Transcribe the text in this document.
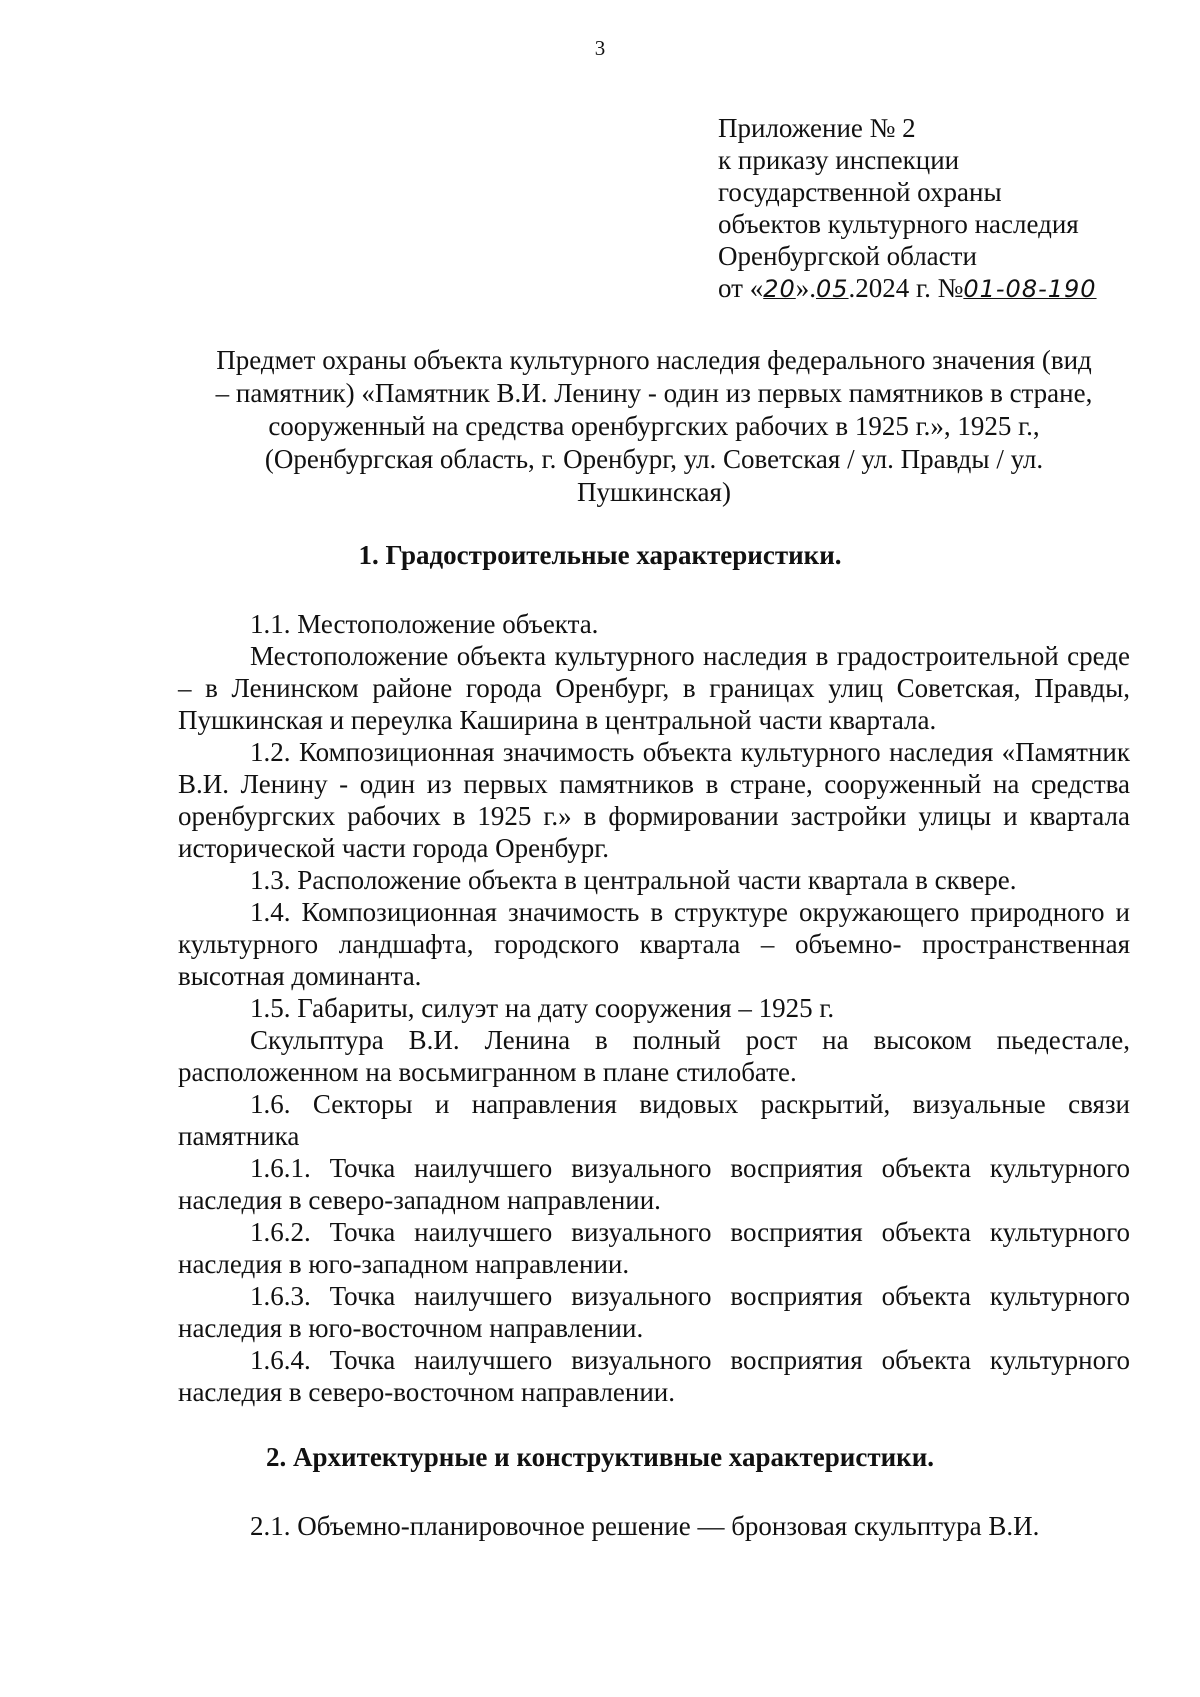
3
Приложение № 2
к приказу инспекции
государственной охраны
объектов культурного наследия
Оренбургской области
от «20».05.2024 г. №01-08-190
Предмет охраны объекта культурного наследия федерального значения (вид
– памятник) «Памятник В.И. Ленину - один из первых памятников в стране,
сооруженный на средства оренбургских рабочих в 1925 г.», 1925 г.,
(Оренбургская область, г. Оренбург, ул. Советская / ул. Правды / ул.
Пушкинская)
1. Градостроительные характеристики.

1.1. Местоположение объекта.

Местоположение объекта культурного наследия в градостроительной среде – в Ленинском районе города Оренбург, в границах улиц Советская, Правды, Пушкинская и переулка Каширина в центральной части квартала.

1.2. Композиционная значимость объекта культурного наследия «Памятник В.И. Ленину - один из первых памятников в стране, сооруженный на средства оренбургских рабочих в 1925 г.» в формировании застройки улицы и квартала исторической части города Оренбург.

1.3. Расположение объекта в центральной части квартала в сквере.

1.4. Композиционная значимость в структуре окружающего природного и культурного ландшафта, городского квартала – объемно- пространственная высотная доминанта.

1.5. Габариты, силуэт на дату сооружения – 1925 г.

Скульптура В.И. Ленина в полный рост на высоком пьедестале, расположенном на восьмигранном в плане стилобате.

1.6. Секторы и направления видовых раскрытий, визуальные связи памятника

1.6.1. Точка наилучшего визуального восприятия объекта культурного наследия в северо-западном направлении.

1.6.2. Точка наилучшего визуального восприятия объекта культурного наследия в юго-западном направлении.

1.6.3. Точка наилучшего визуального восприятия объекта культурного наследия в юго-восточном направлении.

1.6.4. Точка наилучшего визуального восприятия объекта культурного наследия в северо-восточном направлении.

2. Архитектурные и конструктивные характеристики.

2.1. Объемно-планировочное решение — бронзовая скульптура В.И.
